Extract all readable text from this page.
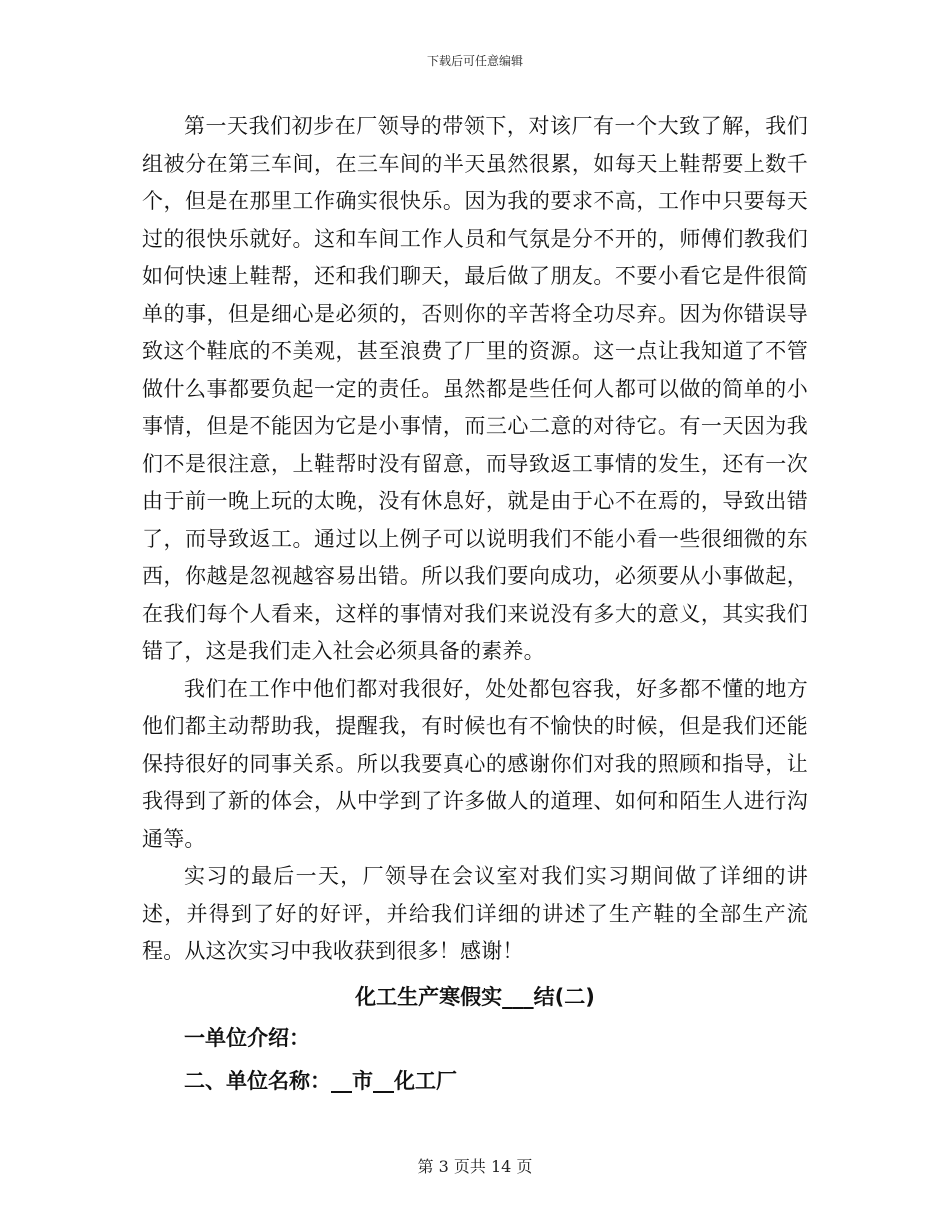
下载后可任意编辑

第一天我们初步在厂领导的带领下，对该厂有一个大致了解，我们组被分在第三车间，在三车间的半天虽然很累，如每天上鞋帮要上数千个，但是在那里工作确实很快乐。因为我的要求不高，工作中只要每天过的很快乐就好。这和车间工作人员和气氛是分不开的，师傅们教我们如何快速上鞋帮，还和我们聊天，最后做了朋友。不要小看它是件很简单的事，但是细心是必须的，否则你的辛苦将全功尽弃。因为你错误导致这个鞋底的不美观，甚至浪费了厂里的资源。这一点让我知道了不管做什么事都要负起一定的责任。虽然都是些任何人都可以做的简单的小事情，但是不能因为它是小事情，而三心二意的对待它。有一天因为我们不是很注意，上鞋帮时没有留意，而导致返工事情的发生，还有一次由于前一晚上玩的太晚，没有休息好，就是由于心不在焉的，导致出错了，而导致返工。通过以上例子可以说明我们不能小看一些很细微的东西，你越是忽视越容易出错。所以我们要向成功，必须要从小事做起，在我们每个人看来，这样的事情对我们来说没有多大的意义，其实我们错了，这是我们走入社会必须具备的素养。

我们在工作中他们都对我很好，处处都包容我，好多都不懂的地方他们都主动帮助我，提醒我，有时候也有不愉快的时候，但是我们还能保持很好的同事关系。所以我要真心的感谢你们对我的照顾和指导，让我得到了新的体会，从中学到了许多做人的道理、如何和陌生人进行沟通等。

实习的最后一天，厂领导在会议室对我们实习期间做了详细的讲述，并得到了好的好评，并给我们详细的讲述了生产鞋的全部生产流程。从这次实习中我收获到很多！感谢！

化工生产寒假实___结(二)
一单位介绍：
二、单位名称：__市__化工厂
第 3 页共 14 页
